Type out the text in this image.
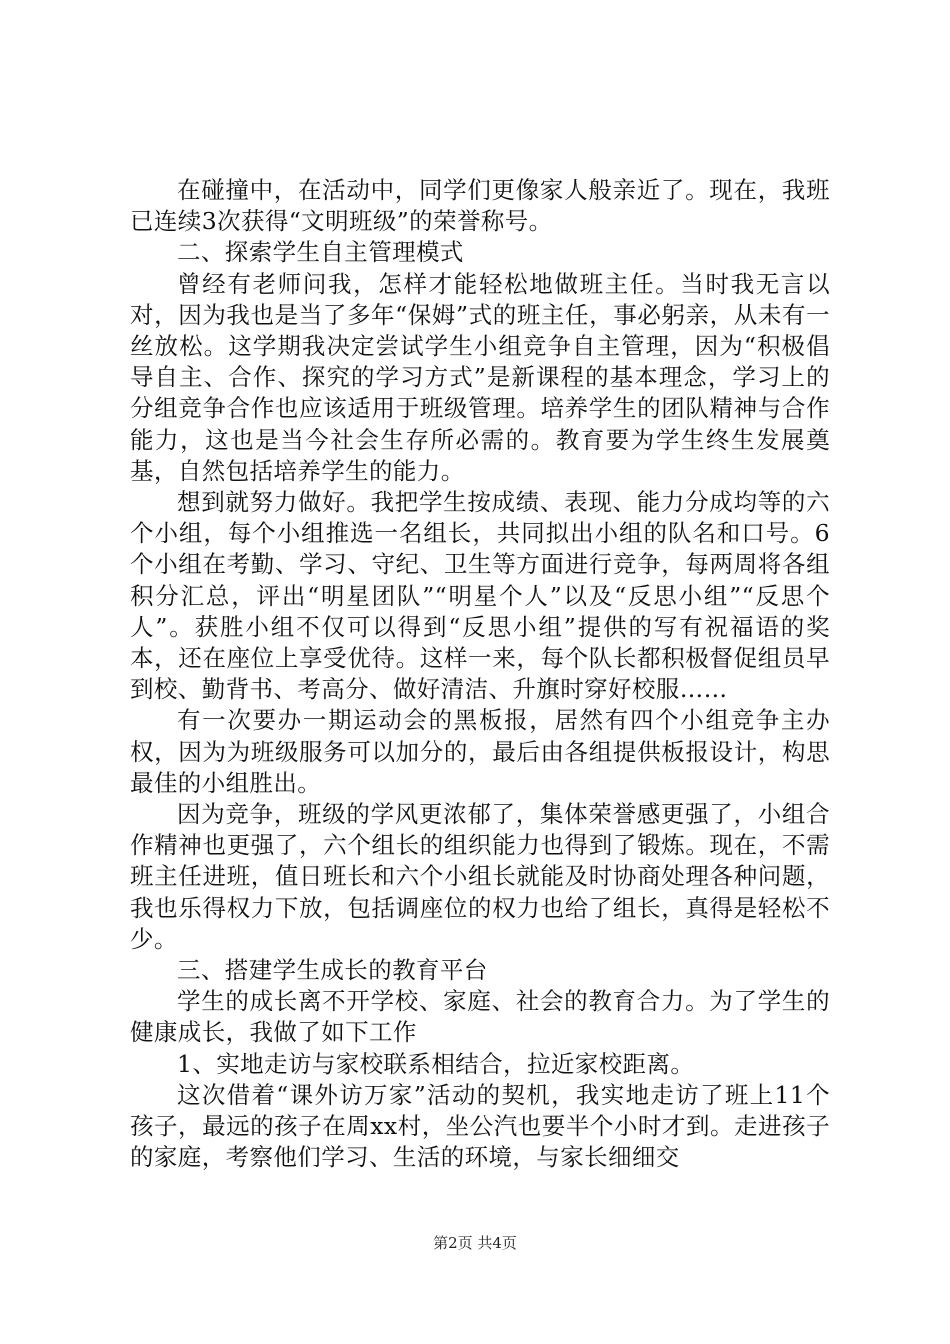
在碰撞中，在活动中，同学们更像家人般亲近了。现在，我班已连续3次获得“文明班级”的荣誉称号。

二、探索学生自主管理模式

曾经有老师问我，怎样才能轻松地做班主任。当时我无言以对，因为我也是当了多年“保姆”式的班主任，事必躬亲，从未有一丝放松。这学期我决定尝试学生小组竞争自主管理，因为“积极倡导自主、合作、探究的学习方式”是新课程的基本理念，学习上的分组竞争合作也应该适用于班级管理。培养学生的团队精神与合作能力，这也是当今社会生存所必需的。教育要为学生终生发展奠基，自然包括培养学生的能力。

想到就努力做好。我把学生按成绩、表现、能力分成均等的六个小组，每个小组推选一名组长，共同拟出小组的队名和口号。6个小组在考勤、学习、守纪、卫生等方面进行竞争，每两周将各组积分汇总，评出“明星团队”“明星个人”以及“反思小组”“反思个人”。获胜小组不仅可以得到“反思小组”提供的写有祝福语的奖本，还在座位上享受优待。这样一来，每个队长都积极督促组员早到校、勤背书、考高分、做好清洁、升旗时穿好校服……

有一次要办一期运动会的黑板报，居然有四个小组竞争主办权，因为为班级服务可以加分的，最后由各组提供板报设计，构思最佳的小组胜出。

因为竞争，班级的学风更浓郁了，集体荣誉感更强了，小组合作精神也更强了，六个组长的组织能力也得到了锻炼。现在，不需班主任进班，值日班长和六个小组长就能及时协商处理各种问题，我也乐得权力下放，包括调座位的权力也给了组长，真得是轻松不少。

三、搭建学生成长的教育平台

学生的成长离不开学校、家庭、社会的教育合力。为了学生的健康成长，我做了如下工作

1、实地走访与家校联系相结合，拉近家校距离。

这次借着“课外访万家”活动的契机，我实地走访了班上11个孩子，最远的孩子在周xx村，坐公汽也要半个小时才到。走进孩子的家庭，考察他们学习、生活的环境，与家长细细交

第2页 共4页
